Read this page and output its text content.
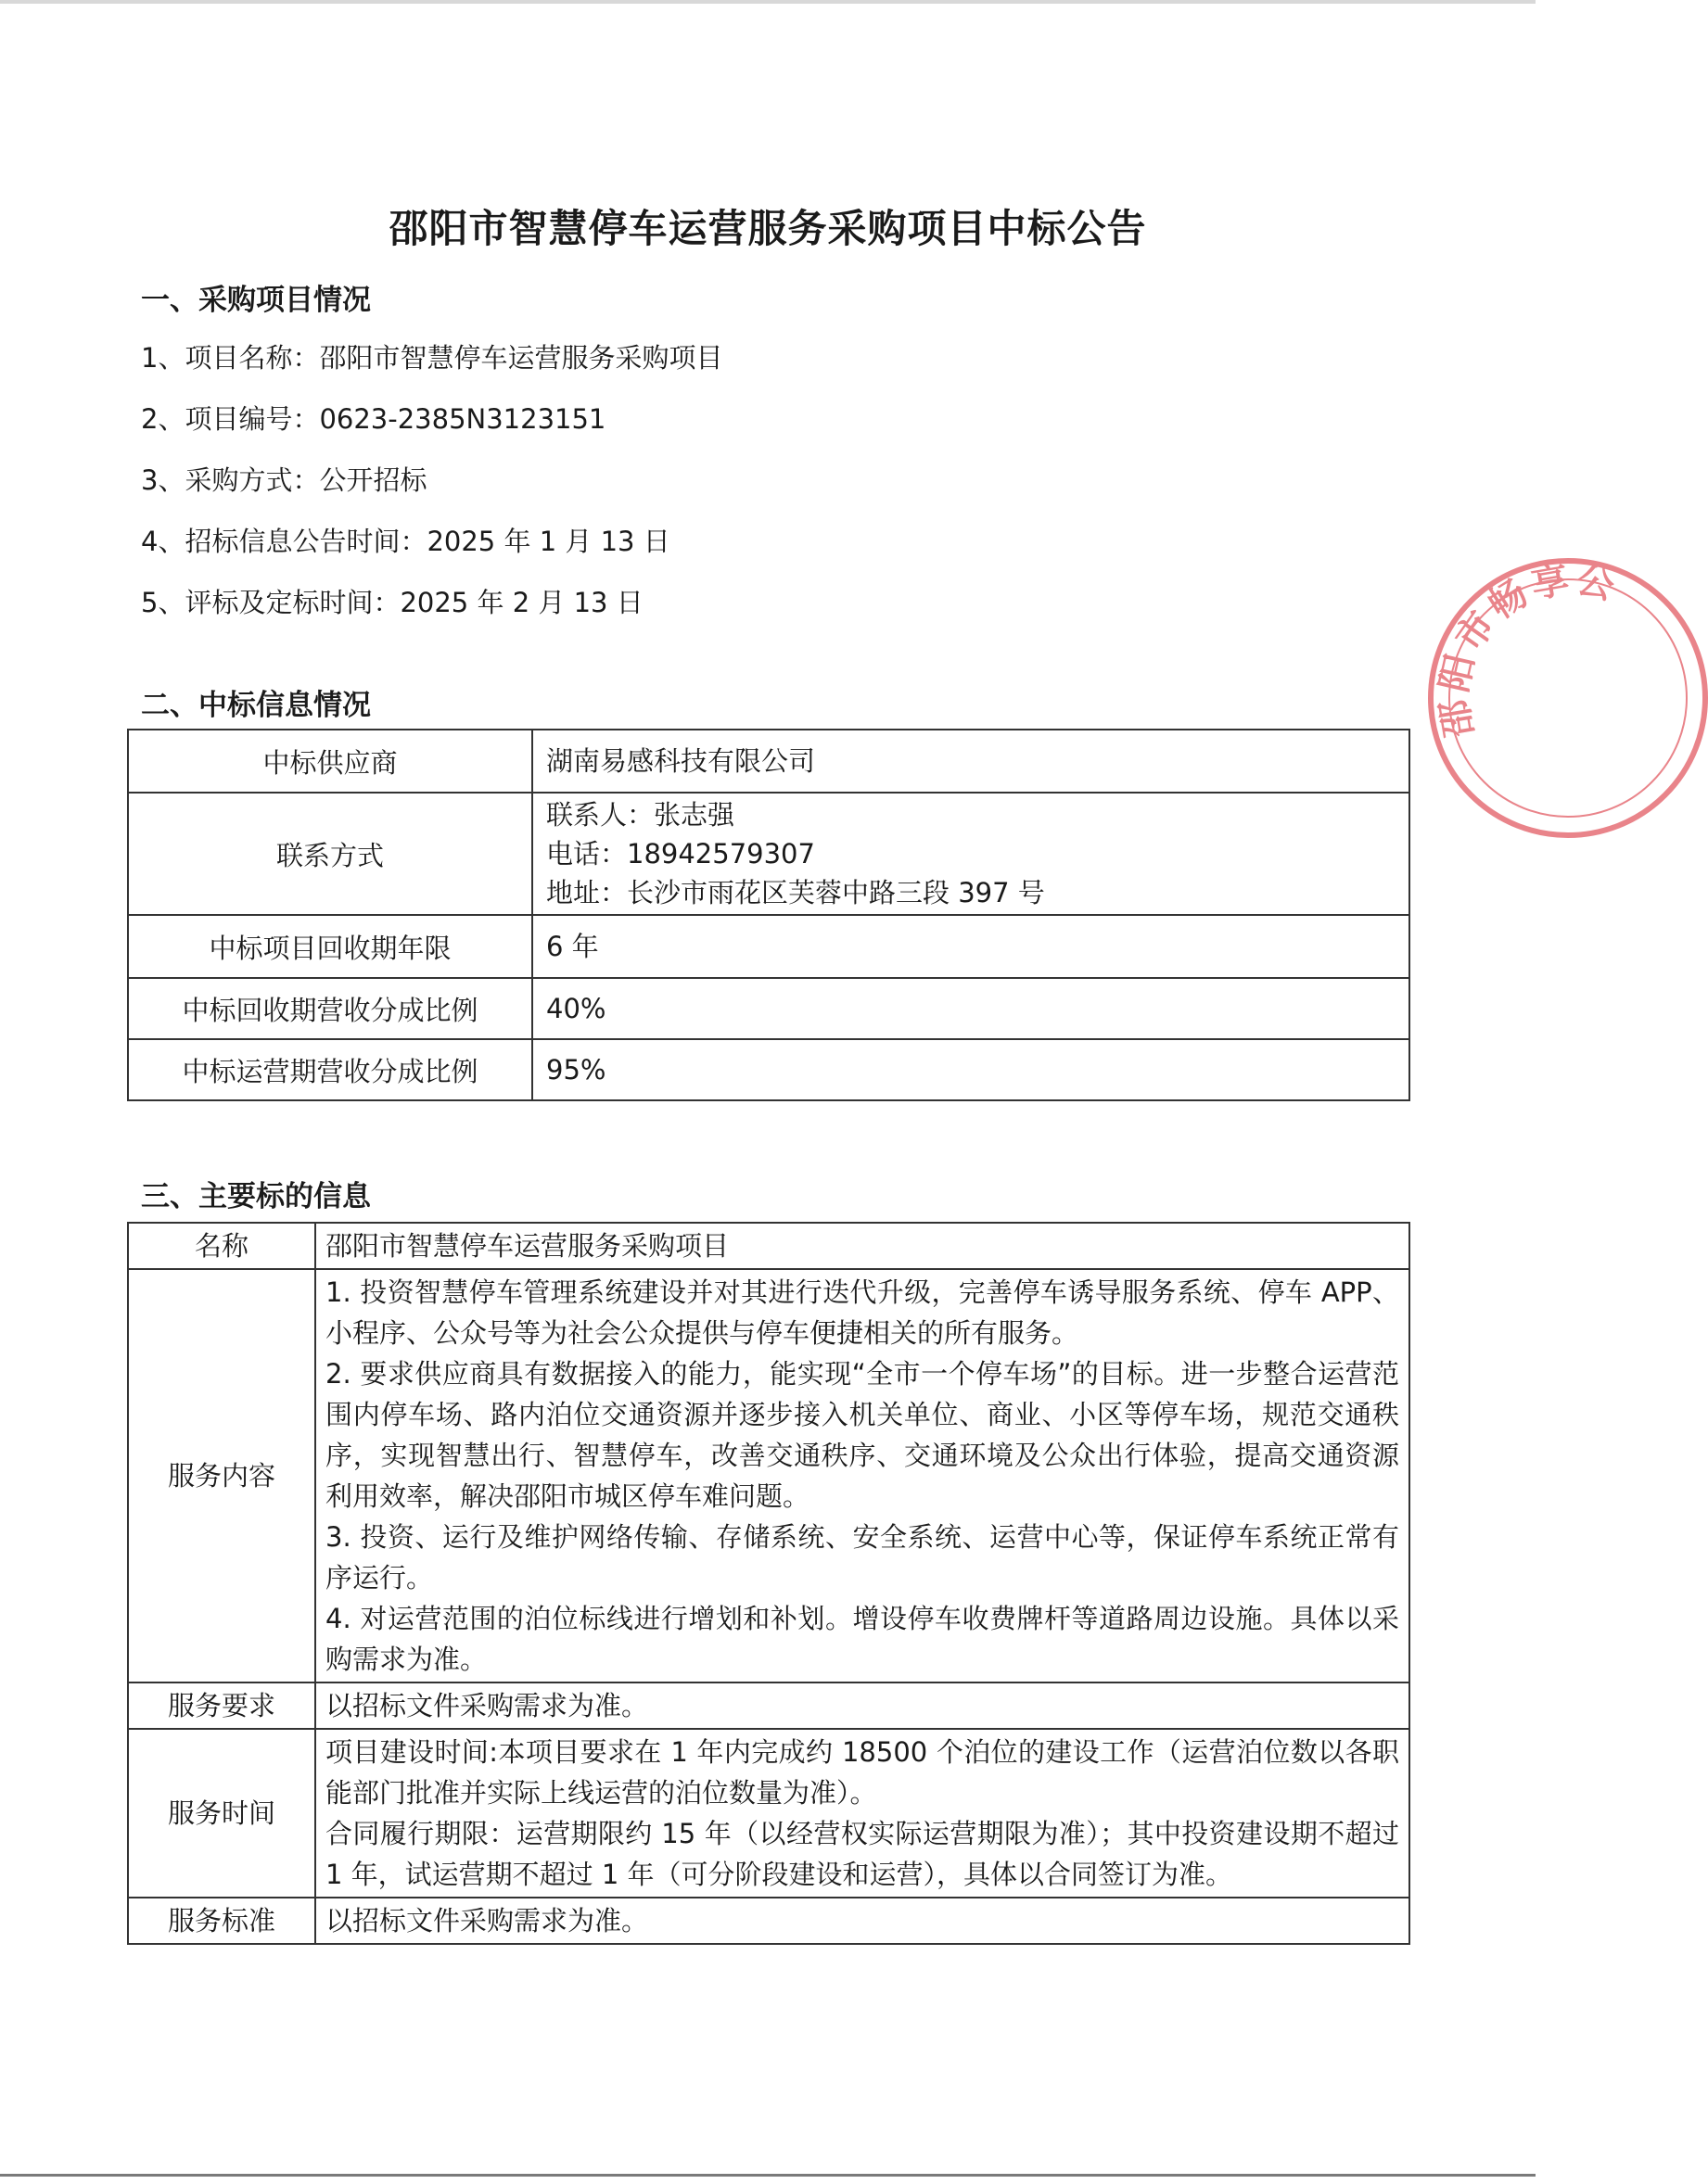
邵阳市智慧停车运营服务采购项目中标公告
一、采购项目情况
1、项目名称：邵阳市智慧停车运营服务采购项目
2、项目编号：0623-2385N3123151
3、采购方式：公开招标
4、招标信息公告时间：2025 年 1 月 13 日
5、评标及定标时间：2025 年 2 月 13 日
二、中标信息情况
中标供应商	湖南易感科技有限公司
联系方式	联系人：张志强
电话：18942579307
地址：长沙市雨花区芙蓉中路三段 397 号

中标项目回收期年限	6 年
中标回收期营收分成比例	40%
中标运营期营收分成比例	95%
三、主要标的信息
名称	邵阳市智慧停车运营服务采购项目

服务内容	1. 投资智慧停车管理系统建设并对其进行迭代升级，完善停车诱导服务系统、停车 APP、小程序、公众号等为社会公众提供与停车便捷相关的所有服务。
2. 要求供应商具有数据接入的能力，能实现“全市一个停车场”的目标。进一步整合运营范围内停车场、路内泊位交通资源并逐步接入机关单位、商业、小区等停车场，规范交通秩序，实现智慧出行、智慧停车，改善交通秩序、交通环境及公众出行体验，提高交通资源利用效率，解决邵阳市城区停车难问题。
3. 投资、运行及维护网络传输、存储系统、安全系统、运营中心等，保证停车系统正常有序运行。
4. 对运营范围的泊位标线进行增划和补划。增设停车收费牌杆等道路周边设施。具体以采购需求为准。

服务要求	以招标文件采购需求为准。

服务时间	项目建设时间:本项目要求在 1 年内完成约 18500 个泊位的建设工作（运营泊位数以各职能部门批准并实际上线运营的泊位数量为准）。
合同履行期限：运营期限约 15 年（以经营权实际运营期限为准）；其中投资建设期不超过 1 年，试运营期不超过 1 年（可分阶段建设和运营），具体以合同签订为准。

服务标准	以招标文件采购需求为准。
邵阳市畅享公
